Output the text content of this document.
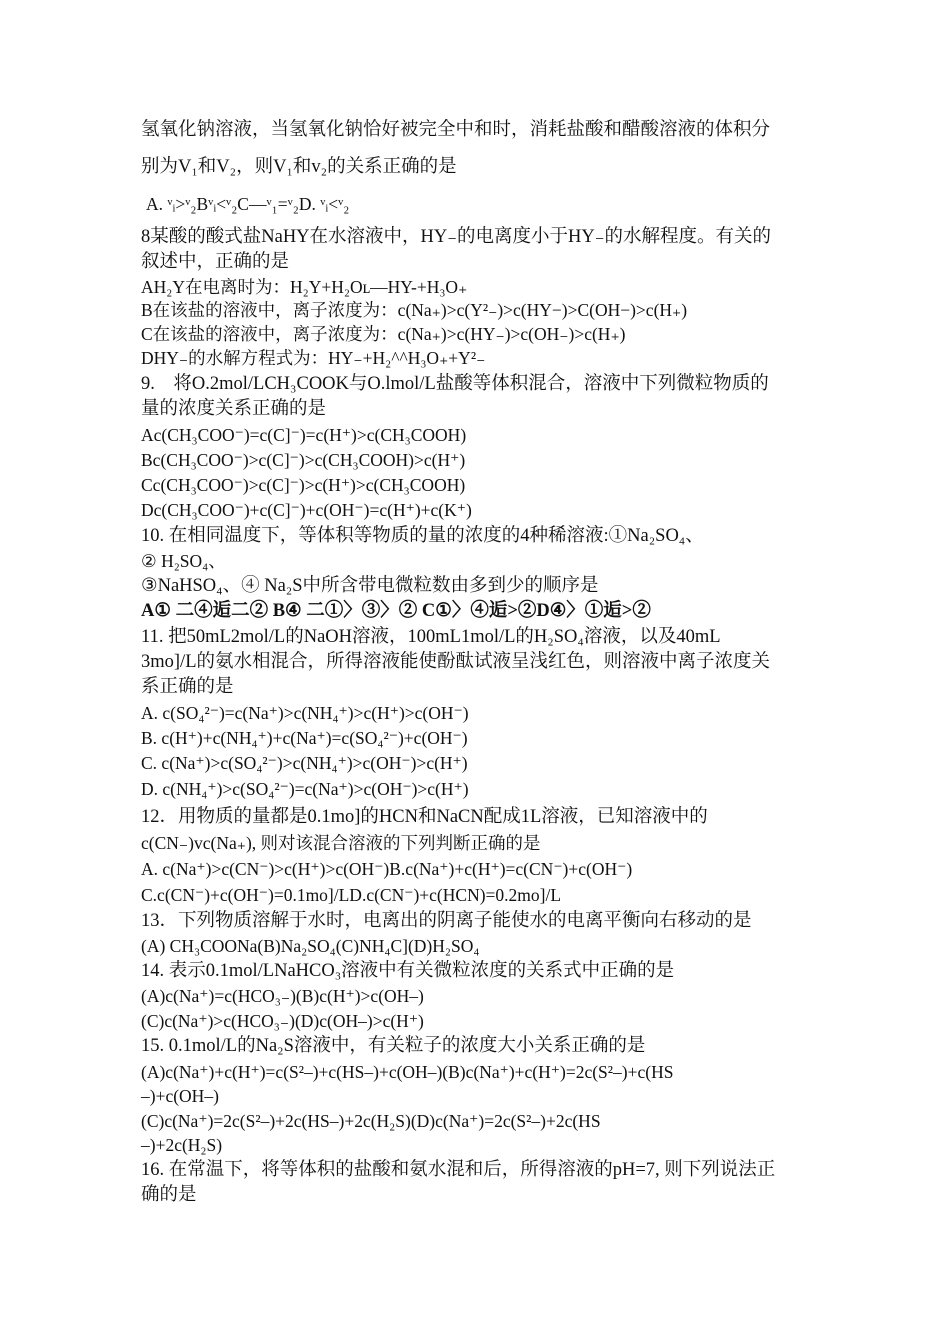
氢氧化钠溶液，当氢氧化钠恰好被完全中和时，消耗盐酸和醋酸溶液的体积分
别为V₁和V₂，则V₁和v₂的关系正确的是
A. ᵛᵢ>ᵛ₂Bᵛᵢ<ᵛ₂C—ᵛ₁=ᵛ₂D. ᵛᵢ<ᵛ₂
8某酸的酸式盐NaHY在水溶液中，HY₋的电离度小于HY₋的水解程度。有关的
叙述中，正确的是
AH₂Y在电离时为：H₂Y+H₂Oʟ—HY-+H₃O₊
B在该盐的溶液中，离子浓度为：c(Na₊)>c(Y²₋)>c(HY−)>C(OH−)>c(H₊)
C在该盐的溶液中，离子浓度为：c(Na₊)>c(HY₋)>c(OH₋)>c(H₊)
DHY₋的水解方程式为：HY₋+H₂^^H₃O₊+Y²₋
9.　将O.2mol/LCH₃COOK与O.lmol/L盐酸等体积混合，溶液中下列微粒物质的
量的浓度关系正确的是
Ac(CH₃COO⁻)=c(C]⁻)=c(H⁺)>c(CH₃COOH)
Bc(CH₃COO⁻)>c(C]⁻)>c(CH₃COOH)>c(H⁺)
Cc(CH₃COO⁻)>c(C]⁻)>c(H⁺)>c(CH₃COOH)
Dc(CH₃COO⁻)+c(C]⁻)+c(OH⁻)=c(H⁺)+c(K⁺)
10. 在相同温度下，等体积等物质的量的浓度的4种稀溶液:①Na₂SO₄、
② H₂SO₄、
③NaHSO₄、④ Na₂S中所含带电微粒数由多到少的顺序是
A① 二④逅二② B④ 二①〉③〉② C①〉④逅>②D④〉①逅>②
11. 把50mL2mol/L的NaOH溶液，100mL1mol/L的H₂SO₄溶液，以及40mL
3mo]/L的氨水相混合，所得溶液能使酚酞试液呈浅红色，则溶液中离子浓度关
系正确的是
A. c(SO₄²⁻)=c(Na⁺)>c(NH₄⁺)>c(H⁺)>c(OH⁻)
B. c(H⁺)+c(NH₄⁺)+c(Na⁺)=c(SO₄²⁻)+c(OH⁻)
C. c(Na⁺)>c(SO₄²⁻)>c(NH₄⁺)>c(OH⁻)>c(H⁺)
D. c(NH₄⁺)>c(SO₄²⁻)=c(Na⁺)>c(OH⁻)>c(H⁺)
12．用物质的量都是0.1mo]的HCN和NaCN配成1L溶液，已知溶液中的
c(CN₋)vc(Na₊), 则对该混合溶液的下列判断正确的是
A. c(Na⁺)>c(CN⁻)>c(H⁺)>c(OH⁻)B.c(Na⁺)+c(H⁺)=c(CN⁻)+c(OH⁻)
C.c(CN⁻)+c(OH⁻)=0.1mo]/LD.c(CN⁻)+c(HCN)=0.2mo]/L
13．下列物质溶解于水时，电离出的阴离子能使水的电离平衡向右移动的是
(A) CH₃COONa(B)Na₂SO₄(C)NH₄C](D)H₂SO₄
14. 表示0.1mol/LNaHCO₃溶液中有关微粒浓度的关系式中正确的是
(A)c(Na⁺)=c(HCO₃₋)(B)c(H⁺)>c(OH–)
(C)c(Na⁺)>c(HCO₃₋)(D)c(OH–)>c(H⁺)
15. 0.1mol/L的Na₂S溶液中，有关粒子的浓度大小关系正确的是
(A)c(Na⁺)+c(H⁺)=c(S²–)+c(HS–)+c(OH–)(B)c(Na⁺)+c(H⁺)=2c(S²–)+c(HS
–)+c(OH–)
(C)c(Na⁺)=2c(S²–)+2c(HS–)+2c(H₂S)(D)c(Na⁺)=2c(S²–)+2c(HS
–)+2c(H₂S)
16. 在常温下，将等体积的盐酸和氨水混和后，所得溶液的pH=7, 则下列说法正
确的是
